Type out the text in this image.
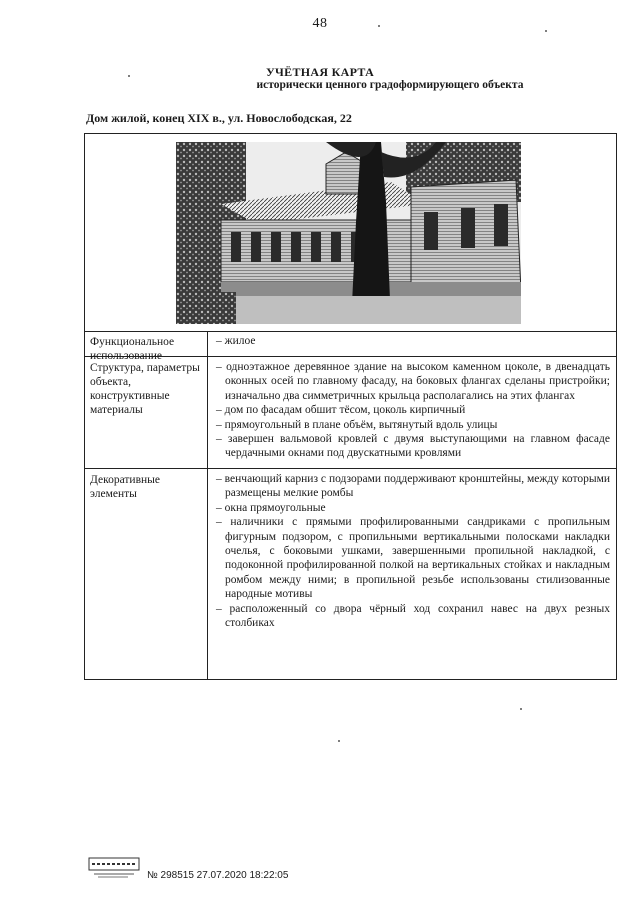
48
УЧЁТНАЯ КАРТА
исторически ценного градоформирующего объекта
Дом жилой, конец XIX в., ул. Новослободская, 22
Функциональное использование

– жилое

Структура, параметры объекта, конструктивные материалы

– одноэтажное деревянное здание на высоком каменном цоколе, в двенадцать оконных осей по главному фасаду, на боковых флангах сделаны пристройки; изначально два симметричных крыльца располагались на этих флангах

– дом по фасадам обшит тёсом, цоколь кирпичный

– прямоугольный в плане объём, вытянутый вдоль улицы

– завершен вальмовой кровлей с двумя выступающими на главном фасаде чердачными окнами под двускатными кровлями

Декоративные элементы

– венчающий карниз с подзорами поддерживают кронштейны, между которыми размещены мелкие ромбы

– окна прямоугольные

– наличники с прямыми профилированными сандриками с пропильным фигурным подзором, с пропильными вертикальными полосками накладки очелья, с боковыми ушками, завершенными пропильной накладкой, с подоконной профилированной полкой на вертикальных стойках и накладным ромбом между ними; в пропильной резьбе использованы стилизованные народные мотивы

– расположенный со двора чёрный ход сохранил навес на двух резных столбиках

№ 298515 27.07.2020 18:22:05
